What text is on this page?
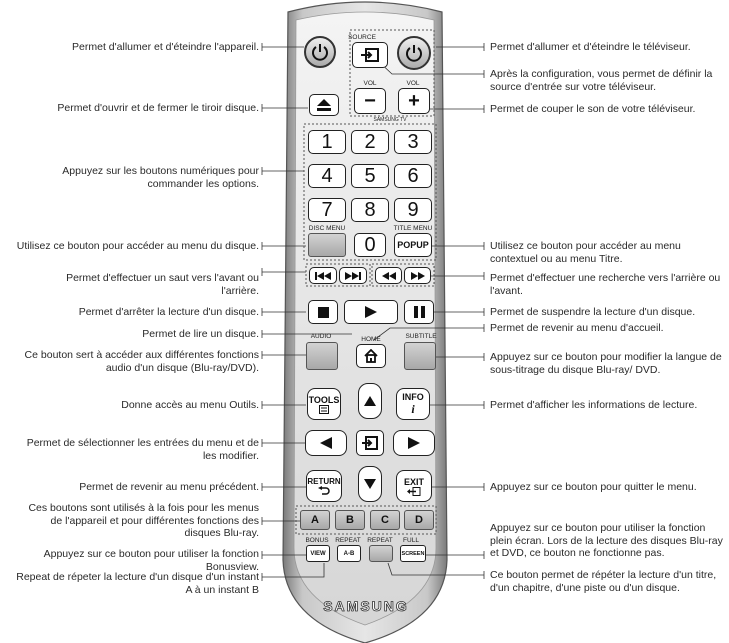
SOURCE
VOL	VOL
−	+
SAMSUNG TV
1	2	3
4	5	6
7	8	9
DISC MENU
0
TITLE MENU
POPUP
AUDIO	HOME	SUBTITLE
TOOLS	INFO
i
RETURN	EXIT
A	B	C	D
BONUS
VIEW
REPEAT
A-B
REPEAT	FULL
SCREEN
SAMSUNG
Permet d'allumer et d'éteindre l'appareil.
Permet d'ouvrir et de fermer le tiroir disque.
Appuyez sur les boutons numériques pour commander les options.
Utilisez ce bouton pour accéder au menu du disque.
Permet d'effectuer un saut vers l'avant ou l'arrière.
Permet d'arrêter la lecture d'un disque.
Permet de lire un disque.
Ce bouton sert à accéder aux différentes fonctions audio d'un disque (Blu-ray/DVD).
Donne accès au menu Outils.
Permet de sélectionner les entrées du menu et de les modifier.
Permet de revenir au menu précédent.
Ces boutons sont utilisés à la fois pour les menus de l'appareil et pour différentes fonctions des disques Blu-ray.
Appuyez sur ce bouton pour utiliser la fonction Bonusview.
Repeat de répeter la lecture d'un disque d'un instant A à un instant B
Permet d'allumer et d'éteindre le téléviseur.
Après la configuration, vous permet de définir la source d'entrée sur votre téléviseur.
Permet de couper le son de votre téléviseur.
Utilisez ce bouton pour accéder au menu contextuel ou au menu Titre.
Permet d'effectuer une recherche vers l'arrière ou l'avant.
Permet de suspendre la lecture d'un disque.
Permet de revenir au menu d'accueil.
Appuyez sur ce bouton pour modifier la langue de sous-titrage du disque Blu-ray/ DVD.
Permet d'afficher les informations de lecture.
Appuyez sur ce bouton pour quitter le menu.
Appuyez sur ce bouton pour utiliser la fonction plein écran. Lors de la lecture des disques Blu-ray et DVD, ce bouton ne fonctionne pas.
Ce bouton permet de répéter la lecture d'un titre, d'un chapitre, d'une piste ou d'un disque.
